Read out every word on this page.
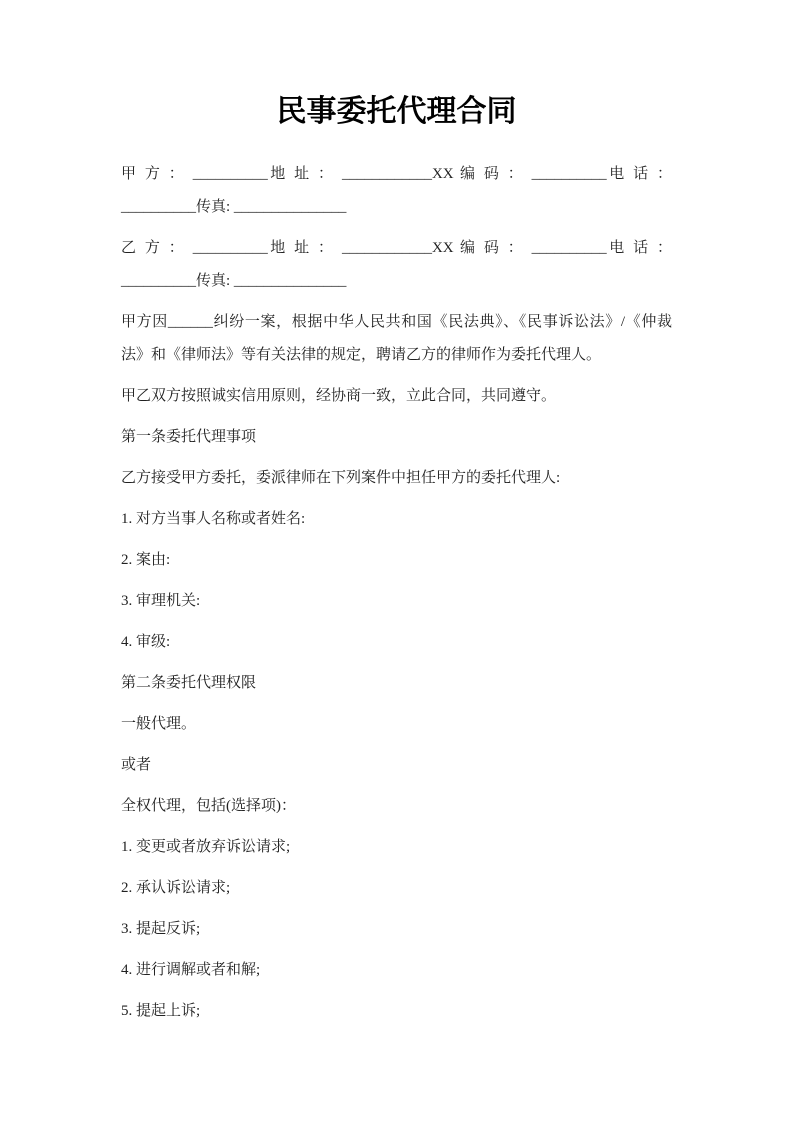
民事委托代理合同
甲 方 ： __________地 址 ： ____________XX 编 码 ： __________电 话 ：
__________传真: _______________
乙 方 ： __________地 址 ： ____________XX 编 码 ： __________电 话 ：
__________传真: _______________
甲方因______纠纷一案，根据中华人民共和国《民法典》、《民事诉讼法》/《仲裁
法》和《律师法》等有关法律的规定，聘请乙方的律师作为委托代理人。
甲乙双方按照诚实信用原则，经协商一致，立此合同，共同遵守。
第一条委托代理事项
乙方接受甲方委托，委派律师在下列案件中担任甲方的委托代理人:
1. 对方当事人名称或者姓名:
2. 案由:
3. 审理机关:
4. 审级:
第二条委托代理权限
一般代理。
或者
全权代理，包括(选择项)：
1. 变更或者放弃诉讼请求;
2. 承认诉讼请求;
3. 提起反诉;
4. 进行调解或者和解;
5. 提起上诉;
